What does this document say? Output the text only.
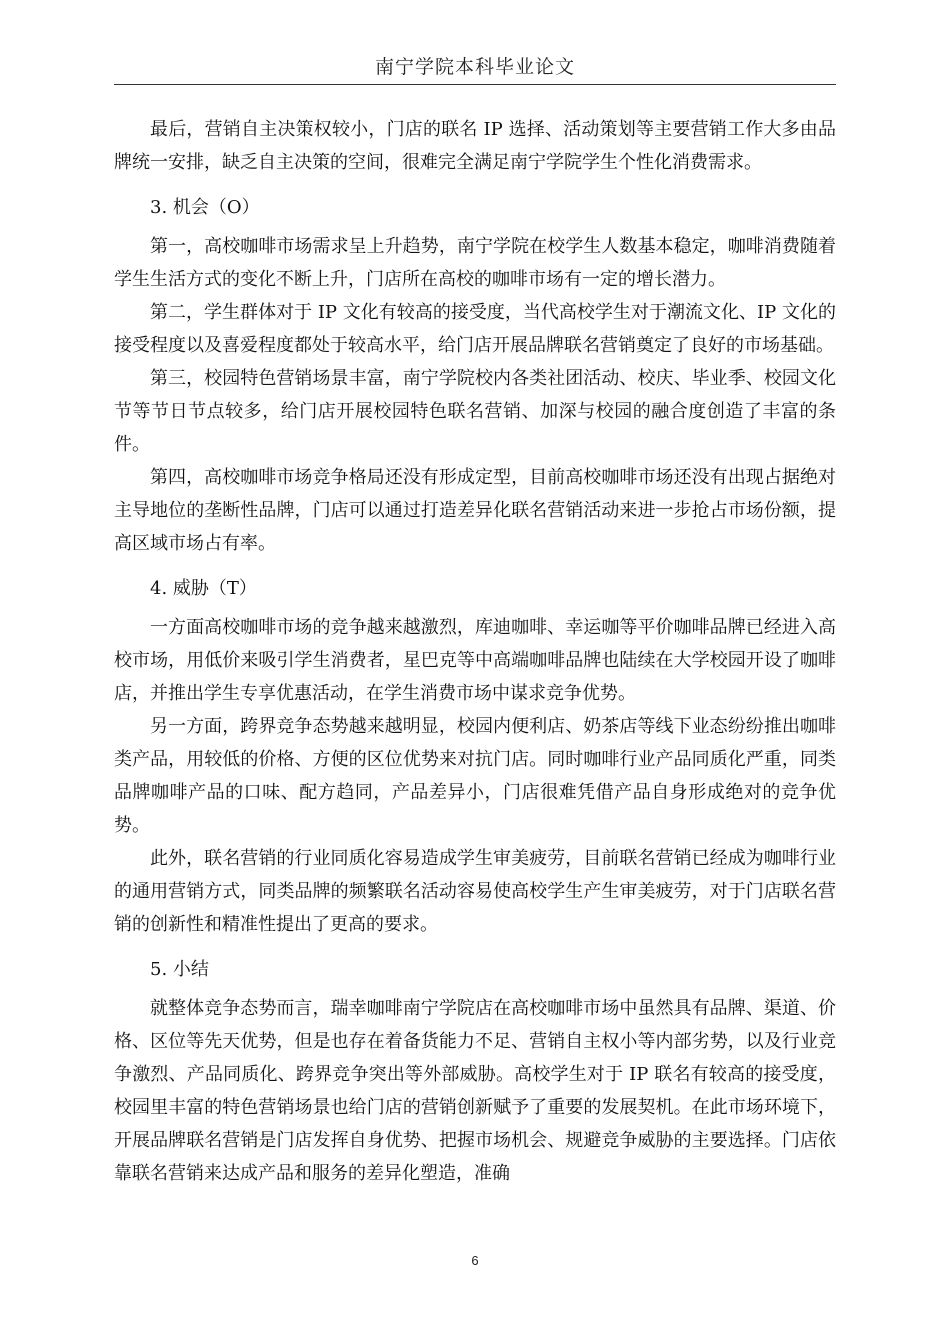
南宁学院本科毕业论文

最后，营销自主决策权较小，门店的联名 IP 选择、活动策划等主要营销工作大多由品牌统一安排，缺乏自主决策的空间，很难完全满足南宁学院学生个性化消费需求。

3. 机会（O）

第一，高校咖啡市场需求呈上升趋势，南宁学院在校学生人数基本稳定，咖啡消费随着学生生活方式的变化不断上升，门店所在高校的咖啡市场有一定的增长潜力。

第二，学生群体对于 IP 文化有较高的接受度，当代高校学生对于潮流文化、IP 文化的接受程度以及喜爱程度都处于较高水平，给门店开展品牌联名营销奠定了良好的市场基础。

第三，校园特色营销场景丰富，南宁学院校内各类社团活动、校庆、毕业季、校园文化节等节日节点较多，给门店开展校园特色联名营销、加深与校园的融合度创造了丰富的条件。

第四，高校咖啡市场竞争格局还没有形成定型，目前高校咖啡市场还没有出现占据绝对主导地位的垄断性品牌，门店可以通过打造差异化联名营销活动来进一步抢占市场份额，提高区域市场占有率。

4. 威胁（T）

一方面高校咖啡市场的竞争越来越激烈，库迪咖啡、幸运咖等平价咖啡品牌已经进入高校市场，用低价来吸引学生消费者，星巴克等中高端咖啡品牌也陆续在大学校园开设了咖啡店，并推出学生专享优惠活动，在学生消费市场中谋求竞争优势。

另一方面，跨界竞争态势越来越明显，校园内便利店、奶茶店等线下业态纷纷推出咖啡类产品，用较低的价格、方便的区位优势来对抗门店。同时咖啡行业产品同质化严重，同类品牌咖啡产品的口味、配方趋同，产品差异小，门店很难凭借产品自身形成绝对的竞争优势。

此外，联名营销的行业同质化容易造成学生审美疲劳，目前联名营销已经成为咖啡行业的通用营销方式，同类品牌的频繁联名活动容易使高校学生产生审美疲劳，对于门店联名营销的创新性和精准性提出了更高的要求。

5. 小结

就整体竞争态势而言，瑞幸咖啡南宁学院店在高校咖啡市场中虽然具有品牌、渠道、价格、区位等先天优势，但是也存在着备货能力不足、营销自主权小等内部劣势，以及行业竞争激烈、产品同质化、跨界竞争突出等外部威胁。高校学生对于 IP 联名有较高的接受度，校园里丰富的特色营销场景也给门店的营销创新赋予了重要的发展契机。在此市场环境下，开展品牌联名营销是门店发挥自身优势、把握市场机会、规避竞争威胁的主要选择。门店依靠联名营销来达成产品和服务的差异化塑造，准确

6
